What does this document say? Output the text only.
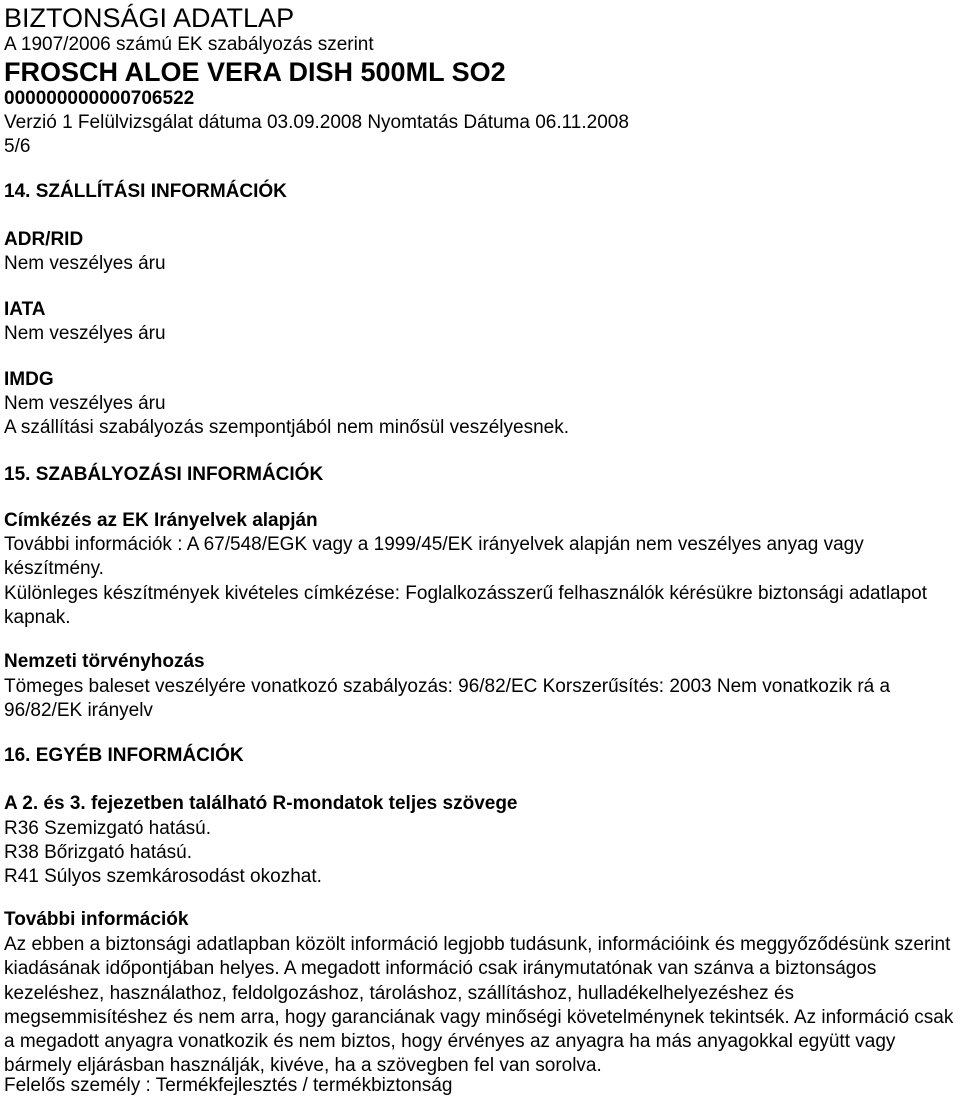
BIZTONSÁGI ADATLAP
A 1907/2006 számú EK szabályozás szerint
FROSCH ALOE VERA DISH 500ML SO2
000000000000706522
Verzió 1 Felülvizsgálat dátuma 03.09.2008 Nyomtatás Dátuma 06.11.2008
5/6
14. SZÁLLÍTÁSI INFORMÁCIÓK
ADR/RID
Nem veszélyes áru
IATA
Nem veszélyes áru
IMDG
Nem veszélyes áru
A szállítási szabályozás szempontjából nem minősül veszélyesnek.
15. SZABÁLYOZÁSI INFORMÁCIÓK
Címkézés az EK Irányelvek alapján
További információk : A 67/548/EGK vagy a 1999/45/EK irányelvek alapján nem veszélyes anyag vagy készítmény.
Különleges készítmények kivételes címkézése: Foglalkozásszerű felhasználók kérésükre biztonsági adatlapot kapnak.
Nemzeti törvényhozás
Tömeges baleset veszélyére vonatkozó szabályozás: 96/82/EC Korszerűsítés: 2003 Nem vonatkozik rá a 96/82/EK irányelv
16. EGYÉB INFORMÁCIÓK
A 2. és 3. fejezetben található R-mondatok teljes szövege
R36 Szemizgató hatású.
R38 Bőrizgató hatású.
R41 Súlyos szemkárosodást okozhat.
További információk
Az ebben a biztonsági adatlapban közölt információ legjobb tudásunk, információink és meggyőződésünk szerint kiadásának időpontjában helyes. A megadott információ csak iránymutatónak van szánva a biztonságos kezeléshez, használathoz, feldolgozáshoz, tároláshoz, szállításhoz, hulladékelhelyezéshez és megsemmisítéshez és nem arra, hogy garanciának vagy minőségi követelménynek tekintsék. Az információ csak a megadott anyagra vonatkozik és nem biztos, hogy érvényes az anyagra ha más anyagokkal együtt vagy bármely eljárásban használják, kivéve, ha a szövegben fel van sorolva.
Felelős személy : Termékfejlesztés / termékbiztonság
